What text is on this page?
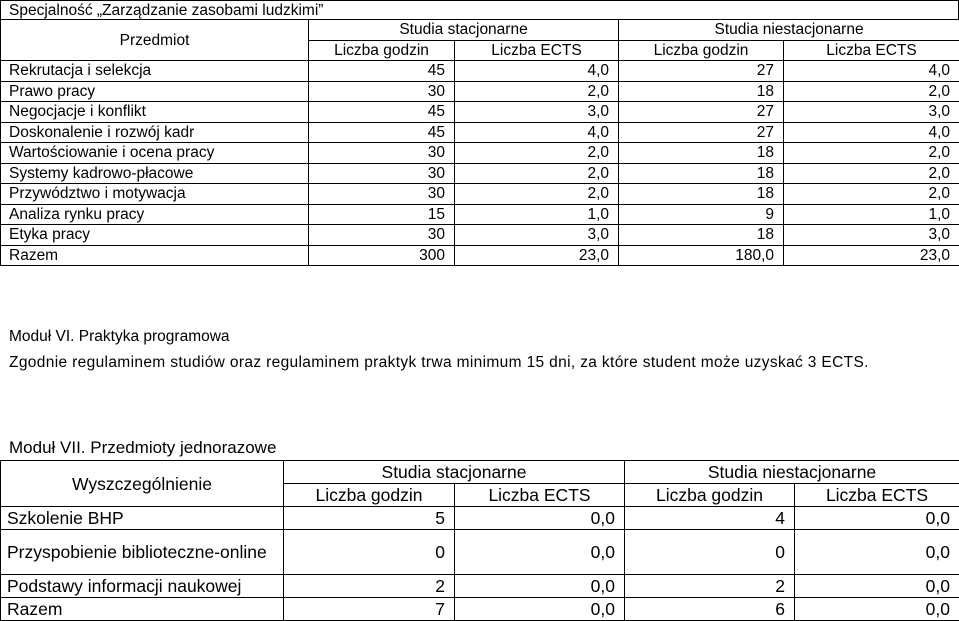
Specjalność „Zarządzanie zasobami ludzkimi”
Przedmiot	Studia stacjonarne		Studia niestacjonarne	
	Liczba godzin	Liczba ECTS	Liczba godzin	Liczba ECTS
Rekrutacja i selekcja	45	4,0	27	4,0
Prawo pracy	30	2,0	18	2,0
Negocjacje i konflikt	45	3,0	27	3,0
Doskonalenie i rozwój kadr	45	4,0	27	4,0
Wartościowanie i ocena pracy	30	2,0	18	2,0
Systemy kadrowo-płacowe	30	2,0	18	2,0
Przywództwo i motywacja	30	2,0	18	2,0
Analiza rynku pracy	15	1,0	9	1,0
Etyka pracy	30	3,0	18	3,0
Razem	300	23,0	180,0	23,0
Moduł VI. Praktyka programowa
Zgodnie regulaminem studiów oraz regulaminem praktyk trwa minimum 15 dni, za które student może uzyskać 3 ECTS.
Moduł VII. Przedmioty jednorazowe
Wyszczególnienie	Studia stacjonarne		Studia niestacjonarne	
	Liczba godzin	Liczba ECTS	Liczba godzin	Liczba ECTS
Szkolenie BHP	5	0,0	4	0,0
Przyspobienie biblioteczne-online	0	0,0	0	0,0
Podstawy informacji naukowej	2	0,0	2	0,0
Razem	7	0,0	6	0,0
